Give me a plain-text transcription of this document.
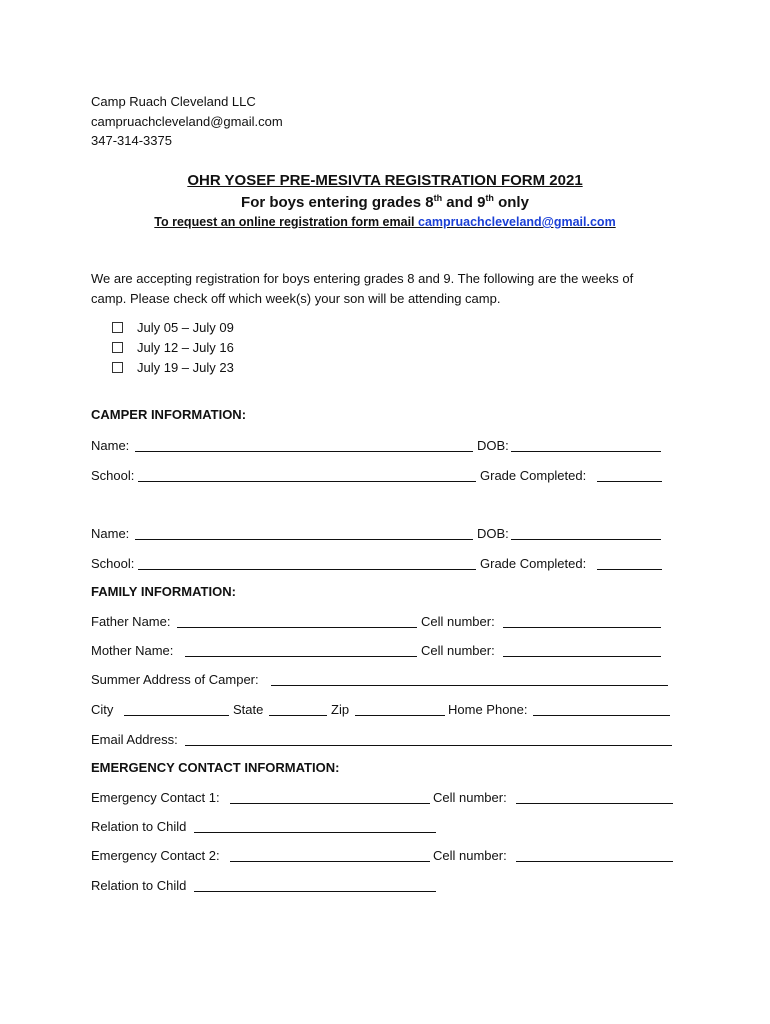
Camp Ruach Cleveland LLC
campruachcleveland@gmail.com
347-314-3375
OHR YOSEF PRE-MESIVTA REGISTRATION FORM 2021
For boys entering grades 8th and 9th only
To request an online registration form email campruachcleveland@gmail.com
We are accepting registration for boys entering grades 8 and 9. The following are the weeks of
camp. Please check off which week(s) your son will be attending camp.
July 05 – July 09
July 12 – July 16
July 19 – July 23
CAMPER INFORMATION:
Name:	DOB:
School:	Grade Completed:
Name:	DOB:
School:	Grade Completed:
FAMILY INFORMATION:
Father Name:	Cell number:
Mother Name:	Cell number:
Summer Address of Camper:
City	State	Zip	Home Phone:
Email Address:
EMERGENCY CONTACT INFORMATION:
Emergency Contact 1:	Cell number:
Relation to Child
Emergency Contact 2:	Cell number:
Relation to Child
